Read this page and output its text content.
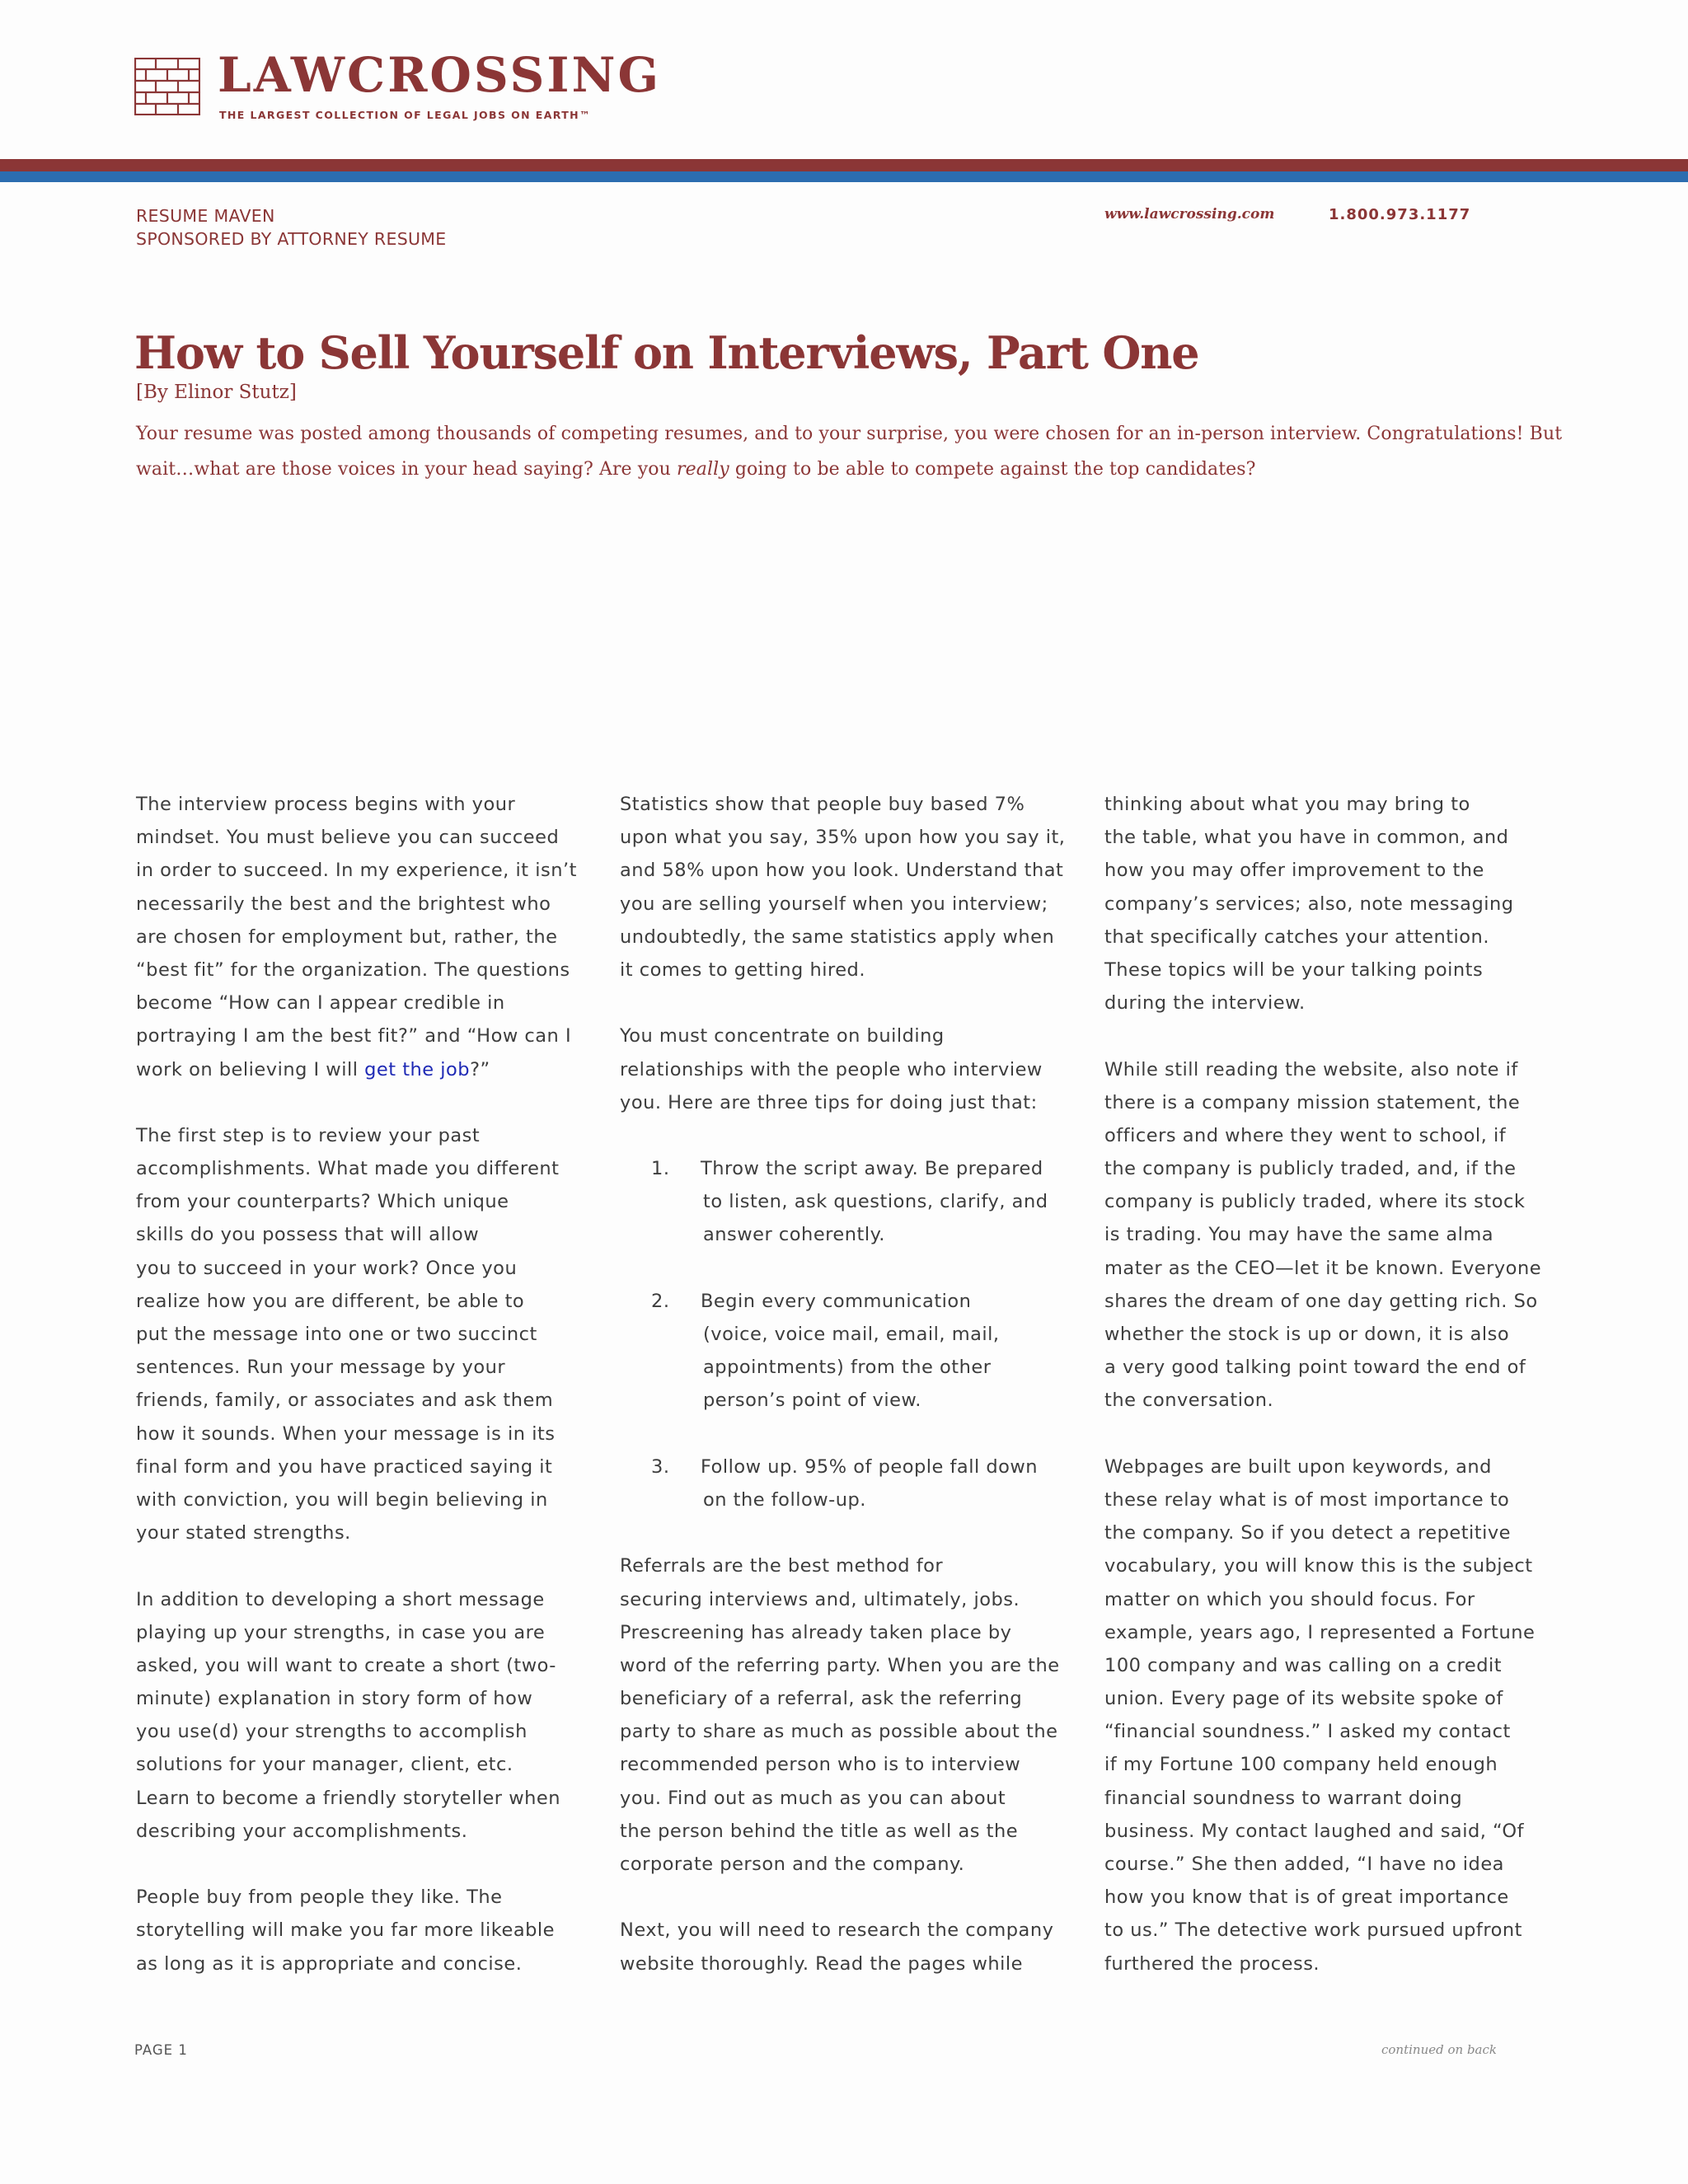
LAWCROSSING
THE LARGEST COLLECTION OF LEGAL JOBS ON EARTH™
RESUME MAVEN
SPONSORED BY ATTORNEY RESUME
www.lawcrossing.com	1.800.973.1177
How to Sell Yourself on Interviews, Part One
[By Elinor Stutz]
Your resume was posted among thousands of competing resumes, and to your surprise, you were chosen for an in-person interview. Congratulations! But wait…what are those voices in your head saying? Are you really going to be able to compete against the top candidates?
The interview process begins with your
mindset. You must believe you can succeed
in order to succeed. In my experience, it isn’t
necessarily the best and the brightest who
are chosen for employment but, rather, the
“best fit” for the organization. The questions
become “How can I appear credible in
portraying I am the best fit?” and “How can I
work on believing I will get the job?”
The first step is to review your past
accomplishments. What made you different
from your counterparts? Which unique
skills do you possess that will allow
you to succeed in your work? Once you
realize how you are different, be able to
put the message into one or two succinct
sentences. Run your message by your
friends, family, or associates and ask them
how it sounds. When your message is in its
final form and you have practiced saying it
with conviction, you will begin believing in
your stated strengths.
In addition to developing a short message
playing up your strengths, in case you are
asked, you will want to create a short (two-
minute) explanation in story form of how
you use(d) your strengths to accomplish
solutions for your manager, client, etc.
Learn to become a friendly storyteller when
describing your accomplishments.
People buy from people they like. The
storytelling will make you far more likeable
as long as it is appropriate and concise.
Statistics show that people buy based 7%
upon what you say, 35% upon how you say it,
and 58% upon how you look. Understand that
you are selling yourself when you interview;
undoubtedly, the same statistics apply when
it comes to getting hired.
You must concentrate on building
relationships with the people who interview
you. Here are three tips for doing just that:
1. Throw the script away. Be prepared
to listen, ask questions, clarify, and
answer coherently.
2. Begin every communication
(voice, voice mail, email, mail,
appointments) from the other
person’s point of view.
3. Follow up. 95% of people fall down
on the follow-up.
Referrals are the best method for
securing interviews and, ultimately, jobs.
Prescreening has already taken place by
word of the referring party. When you are the
beneficiary of a referral, ask the referring
party to share as much as possible about the
recommended person who is to interview
you. Find out as much as you can about
the person behind the title as well as the
corporate person and the company.
Next, you will need to research the company
website thoroughly. Read the pages while
thinking about what you may bring to
the table, what you have in common, and
how you may offer improvement to the
company’s services; also, note messaging
that specifically catches your attention.
These topics will be your talking points
during the interview.
While still reading the website, also note if
there is a company mission statement, the
officers and where they went to school, if
the company is publicly traded, and, if the
company is publicly traded, where its stock
is trading. You may have the same alma
mater as the CEO—let it be known. Everyone
shares the dream of one day getting rich. So
whether the stock is up or down, it is also
a very good talking point toward the end of
the conversation.
Webpages are built upon keywords, and
these relay what is of most importance to
the company. So if you detect a repetitive
vocabulary, you will know this is the subject
matter on which you should focus. For
example, years ago, I represented a Fortune
100 company and was calling on a credit
union. Every page of its website spoke of
“financial soundness.” I asked my contact
if my Fortune 100 company held enough
financial soundness to warrant doing
business. My contact laughed and said, “Of
course.” She then added, “I have no idea
how you know that is of great importance
to us.” The detective work pursued upfront
furthered the process.
PAGE 1	continued on back
